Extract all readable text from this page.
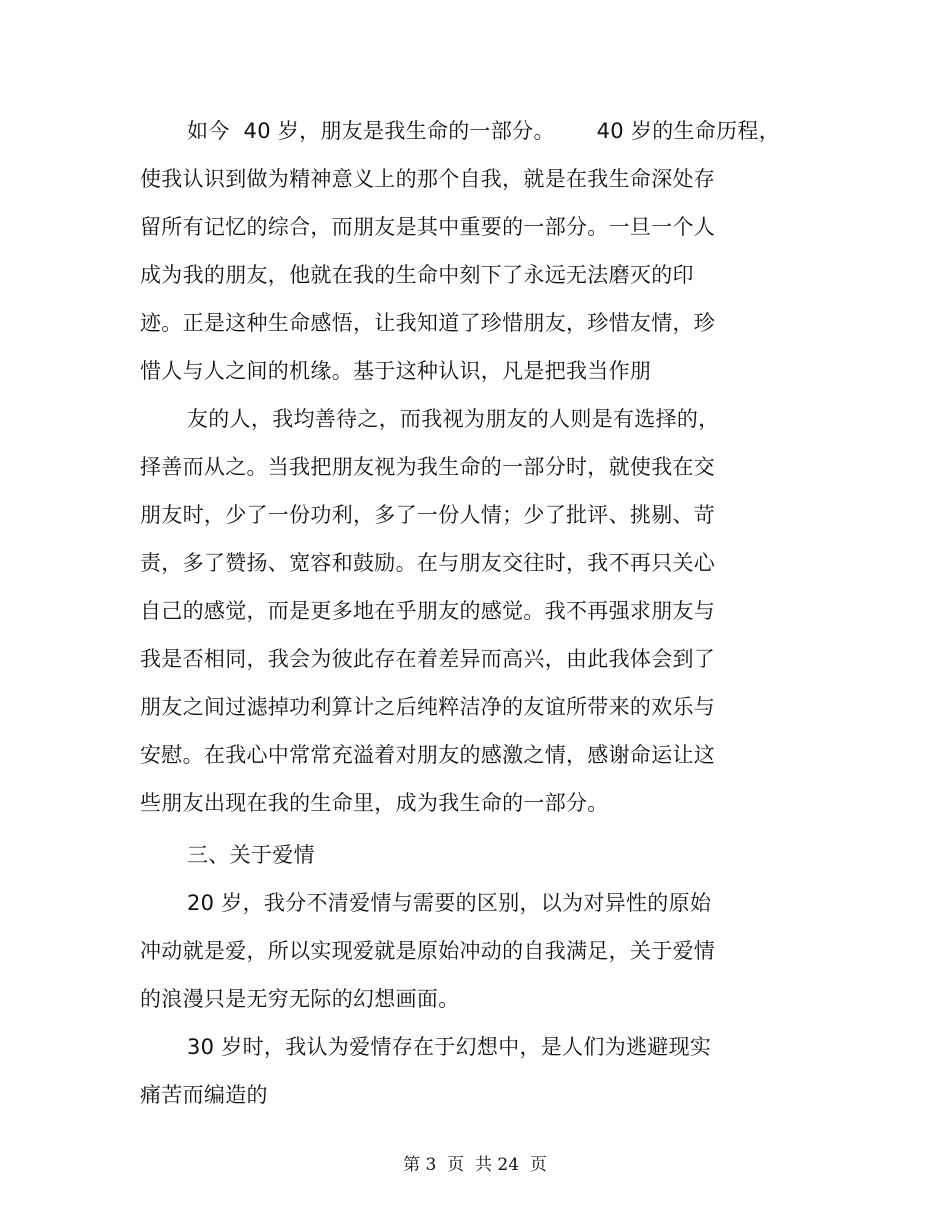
如今  40 岁，朋友是我生命的一部分。      40 岁的生命历程，

使我认识到做为精神意义上的那个自我，就是在我生命深处存

留所有记忆的综合，而朋友是其中重要的一部分。一旦一个人

成为我的朋友，他就在我的生命中刻下了永远无法磨灭的印

迹。正是这种生命感悟，让我知道了珍惜朋友，珍惜友情，珍

惜人与人之间的机缘。基于这种认识，凡是把我当作朋

友的人，我均善待之，而我视为朋友的人则是有选择的，

择善而从之。当我把朋友视为我生命的一部分时，就使我在交

朋友时，少了一份功利，多了一份人情；少了批评、挑剔、苛

责，多了赞扬、宽容和鼓励。在与朋友交往时，我不再只关心

自己的感觉，而是更多地在乎朋友的感觉。我不再强求朋友与

我是否相同，我会为彼此存在着差异而高兴，由此我体会到了

朋友之间过滤掉功利算计之后纯粹洁净的友谊所带来的欢乐与

安慰。在我心中常常充溢着对朋友的感激之情，感谢命运让这

些朋友出现在我的生命里，成为我生命的一部分。

三、关于爱情

20 岁，我分不清爱情与需要的区别，以为对异性的原始

冲动就是爱，所以实现爱就是原始冲动的自我满足，关于爱情

的浪漫只是无穷无际的幻想画面。

30 岁时，我认为爱情存在于幻想中，是人们为逃避现实

痛苦而编造的

第 3  页  共 24  页
